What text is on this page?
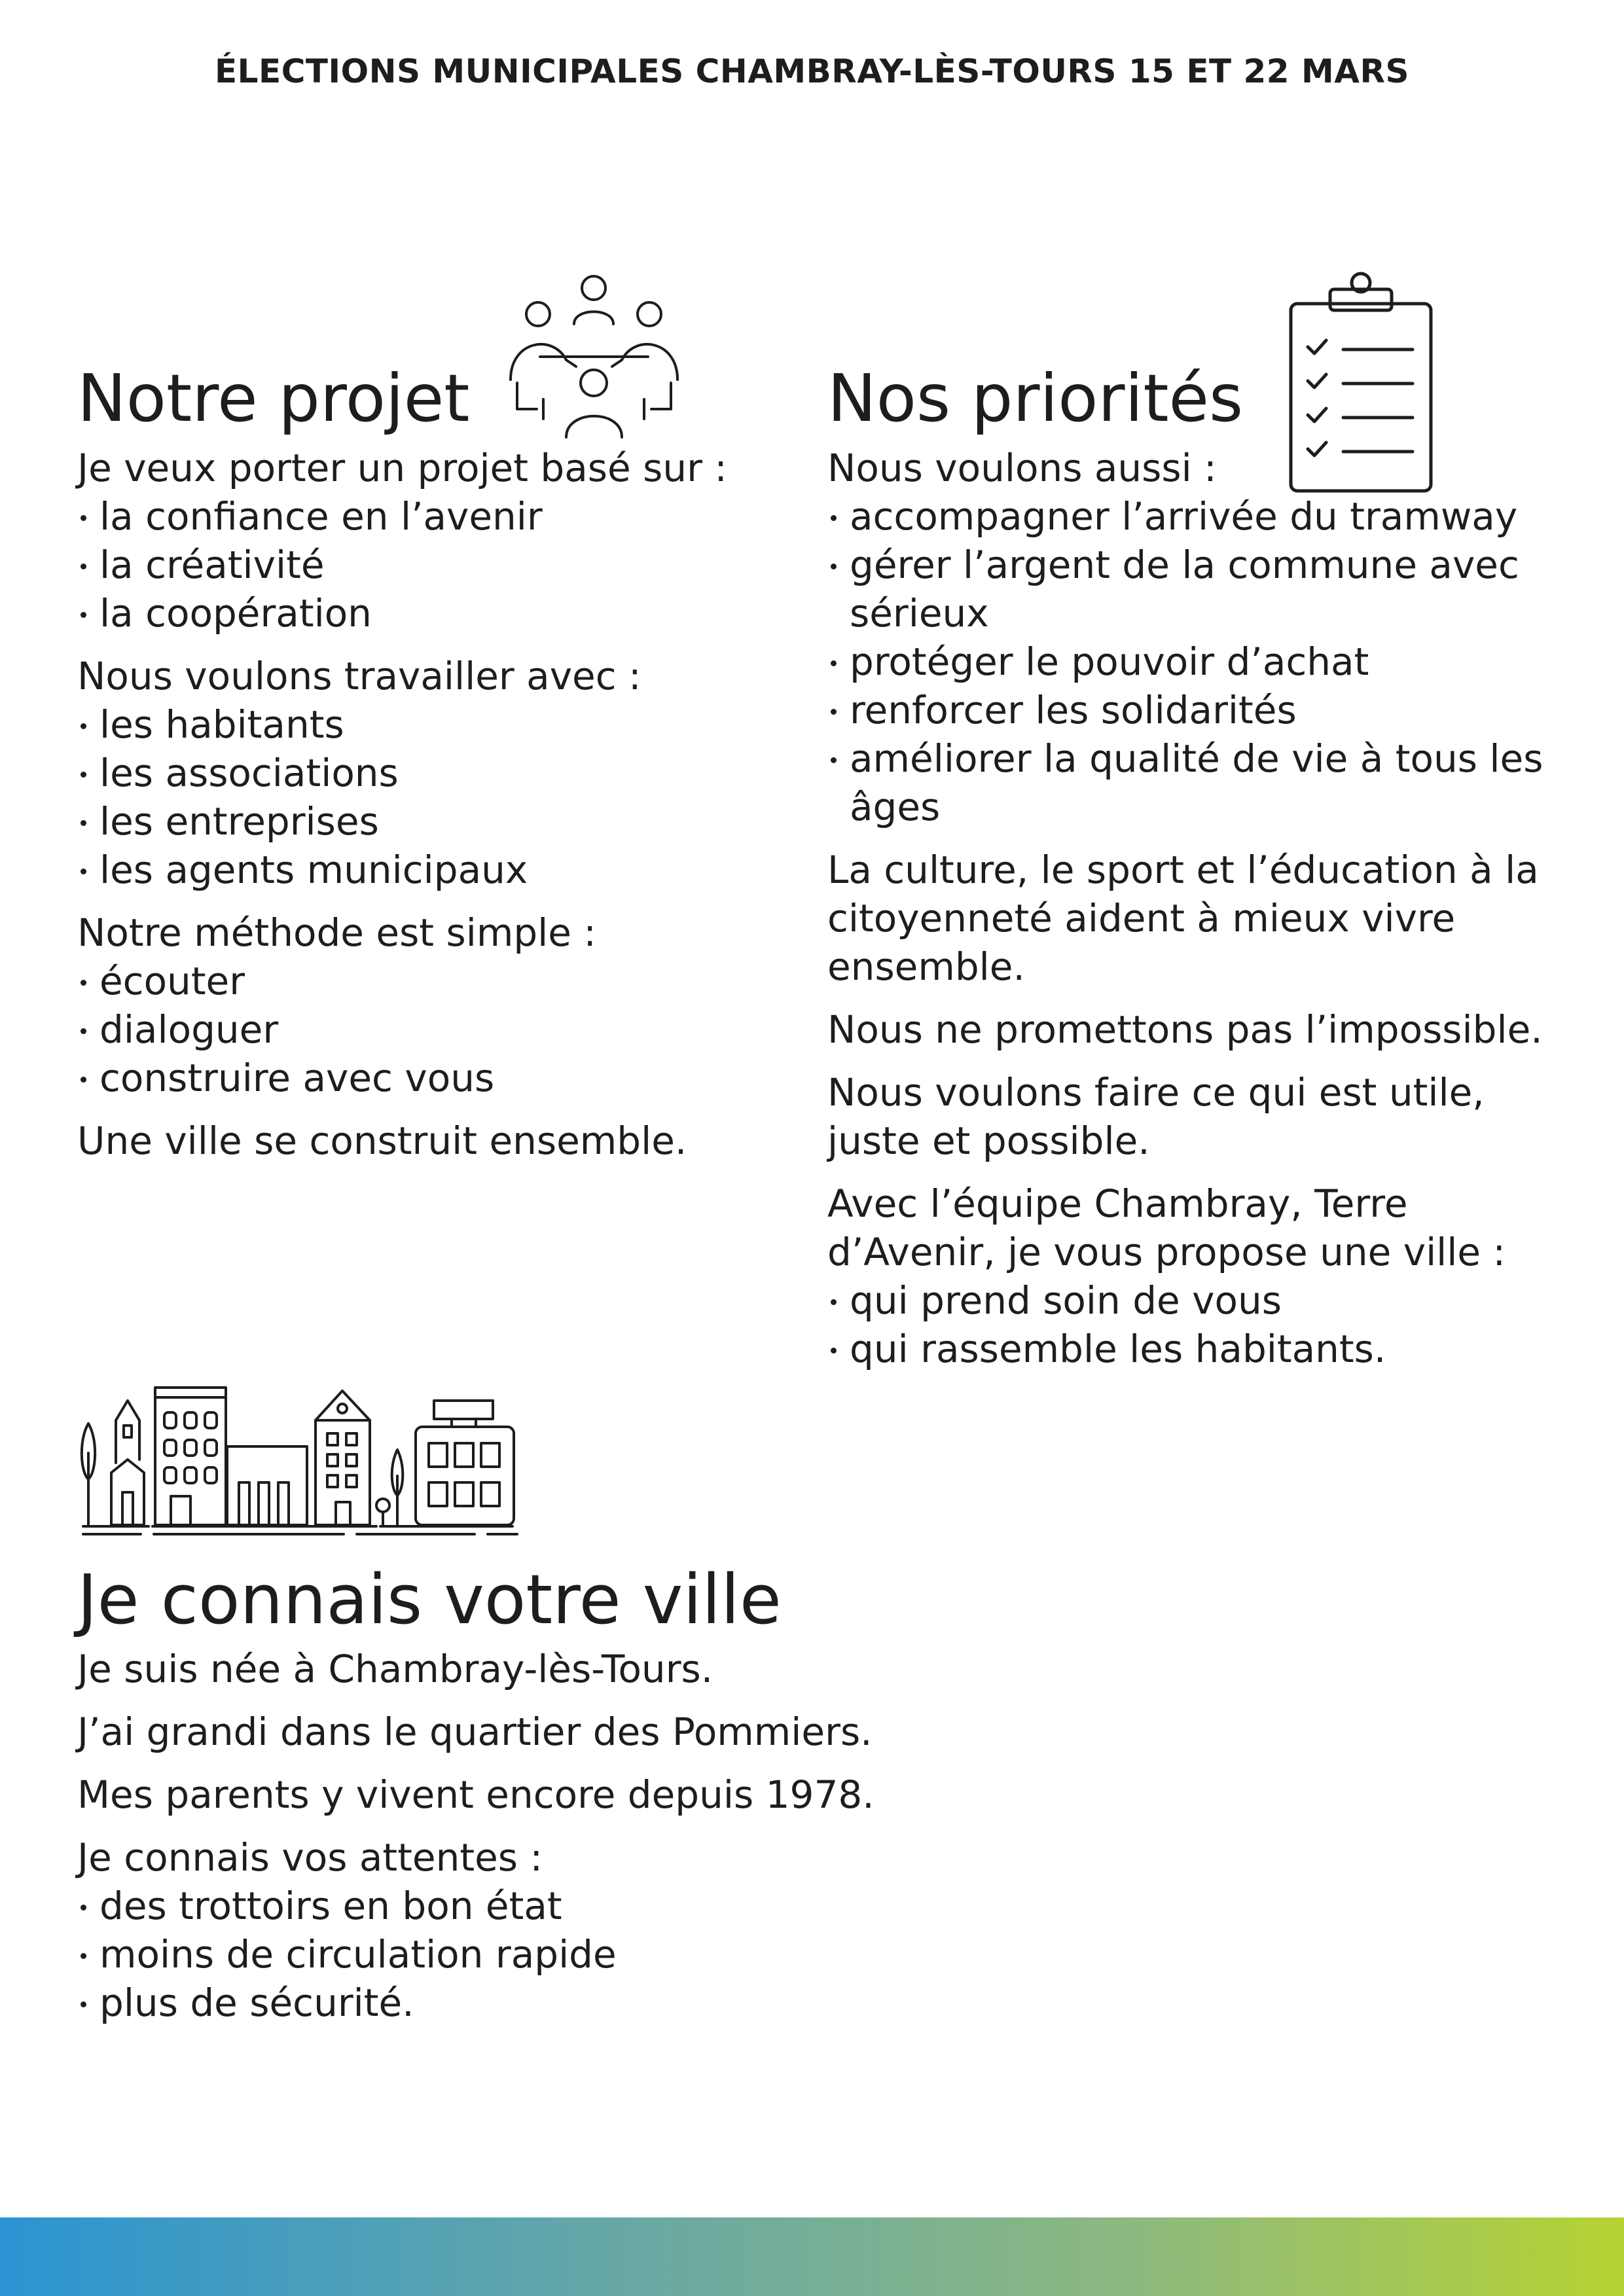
ÉLECTIONS MUNICIPALES CHAMBRAY-LÈS-TOURS 15 ET 22 MARS
Notre projet

Je veux porter un projet basé sur :

la confiance en l’avenir
la créativité
la coopération

Nous voulons travailler avec :

les habitants
les associations
les entreprises
les agents municipaux

Notre méthode est simple :

écouter
dialoguer
construire avec vous

Une ville se construit ensemble.

Nos priorités

Nous voulons aussi :

accompagner l’arrivée du tramway
gérer l’argent de la commune avec sérieux
protéger le pouvoir d’achat
renforcer les solidarités
améliorer la qualité de vie à tous les âges

La culture, le sport et l’éducation à la citoyenneté aident à mieux vivre ensemble.

Nous ne promettons pas l’impossible.

Nous voulons faire ce qui est utile, juste et possible.

Avec l’équipe Chambray, Terre d’Avenir, je vous propose une ville :

qui prend soin de vous
qui rassemble les habitants.
Je connais votre ville

Je suis née à Chambray-lès-Tours.

J’ai grandi dans le quartier des Pommiers.

Mes parents y vivent encore depuis 1978.

Je connais vos attentes :

des trottoirs en bon état
moins de circulation rapide
plus de sécurité.
